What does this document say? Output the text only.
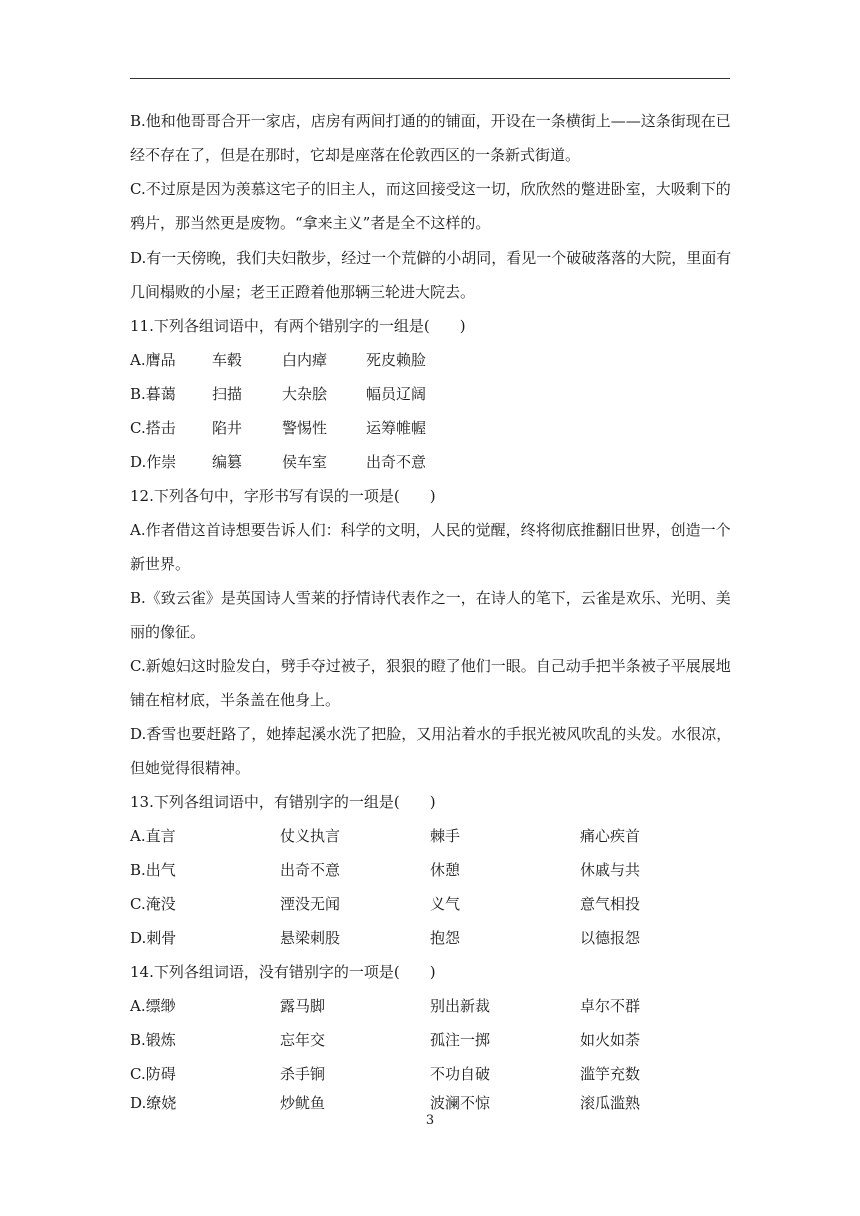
B.他和他哥哥合开一家店，店房有两间打通的的铺面，开设在一条横街上——这条街现在已
经不存在了，但是在那时，它却是座落在伦敦西区的一条新式街道。
C.不过原是因为羡慕这宅子的旧主人，而这回接受这一切，欣欣然的蹩进卧室，大吸剩下的
鸦片，那当然更是废物。“拿来主义”者是全不这样的。
D.有一天傍晚，我们夫妇散步，经过一个荒僻的小胡同，看见一个破破落落的大院，里面有
几间榻败的小屋；老王正蹬着他那辆三轮进大院去。
11.下列各组词语中，有两个错别字的一组是(　　)
A.膺品 车毂	白内瘴	死皮赖脸
B.暮蔼 扫描	大杂脍	幅员辽阔
C.搭击 陷井	警惕性	运筹帷幄
D.作崇 编篡	侯车室	出奇不意
12.下列各句中，字形书写有误的一项是(　　)
A.作者借这首诗想要告诉人们：科学的文明，人民的觉醒，终将彻底推翻旧世界，创造一个
新世界。
B.《致云雀》是英国诗人雪莱的抒情诗代表作之一，在诗人的笔下，云雀是欢乐、光明、美
丽的像征。
C.新媳妇这时脸发白，劈手夺过被子，狠狠的瞪了他们一眼。自己动手把半条被子平展展地
铺在棺材底，半条盖在他身上。
D.香雪也要赶路了，她捧起溪水洗了把脸，又用沾着水的手抿光被风吹乱的头发。水很凉，
但她觉得很精神。
13.下列各组词语中，有错别字的一组是(　　)
A.直言	仗义执言	棘手	痛心疾首
B.出气	出奇不意	休憩	休戚与共
C.淹没	湮没无闻	义气	意气相投
D.刺骨	悬梁刺股	抱怨	以德报怨
14.下列各组词语，没有错别字的一项是(　　)
A.缥缈	露马脚	别出新裁	卓尔不群
B.锻炼	忘年交	孤注一掷	如火如荼
C.防碍	杀手锏	不功自破	滥竽充数
D.缭娆	炒鱿鱼	波澜不惊	滚瓜滥熟
3
